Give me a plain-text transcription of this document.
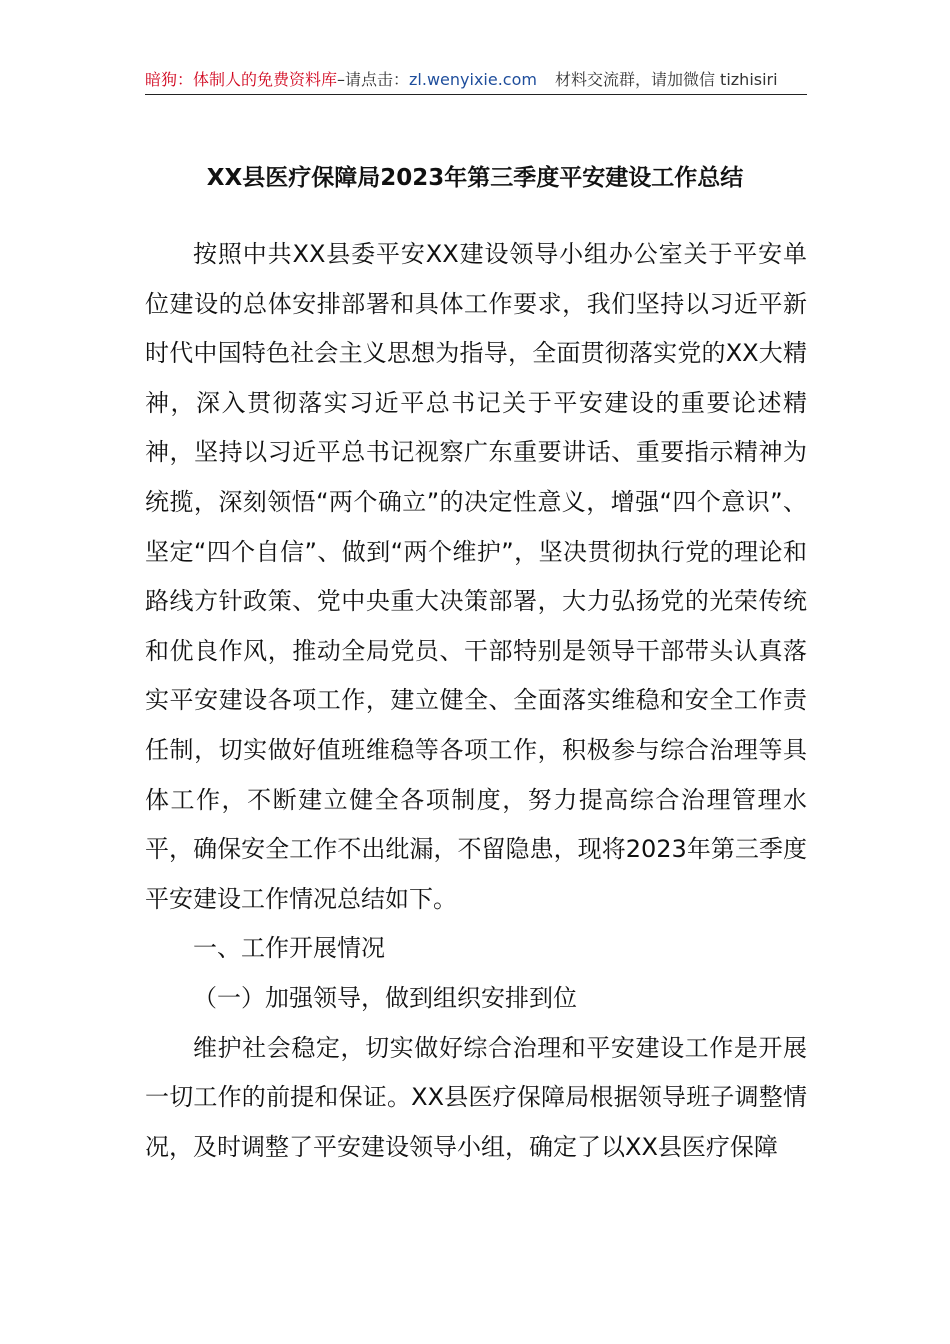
暗狗：体制人的免费资料库–请点击：zl.wenyixie.com 材料交流群，请加微信 tizhisiri
XX县医疗保障局2023年第三季度平安建设工作总结

按照中共XX县委平安XX建设领导小组办公室关于平安单位建设的总体安排部署和具体工作要求，我们坚持以习近平新时代中国特色社会主义思想为指导，全面贯彻落实党的XX大精神，深入贯彻落实习近平总书记关于平安建设的重要论述精神，坚持以习近平总书记视察广东重要讲话、重要指示精神为统揽，深刻领悟“两个确立”的决定性意义，增强“四个意识”、坚定“四个自信”、做到“两个维护”，坚决贯彻执行党的理论和路线方针政策、党中央重大决策部署，大力弘扬党的光荣传统和优良作风，推动全局党员、干部特别是领导干部带头认真落实平安建设各项工作，建立健全、全面落实维稳和安全工作责任制，切实做好值班维稳等各项工作，积极参与综合治理等具体工作，不断建立健全各项制度，努力提高综合治理管理水平，确保安全工作不出纰漏，不留隐患，现将2023年第三季度平安建设工作情况总结如下。

一、工作开展情况

（一）加强领导，做到组织安排到位

维护社会稳定，切实做好综合治理和平安建设工作是开展一切工作的前提和保证。XX县医疗保障局根据领导班子调整情况，及时调整了平安建设领导小组，确定了以XX县医疗保障
